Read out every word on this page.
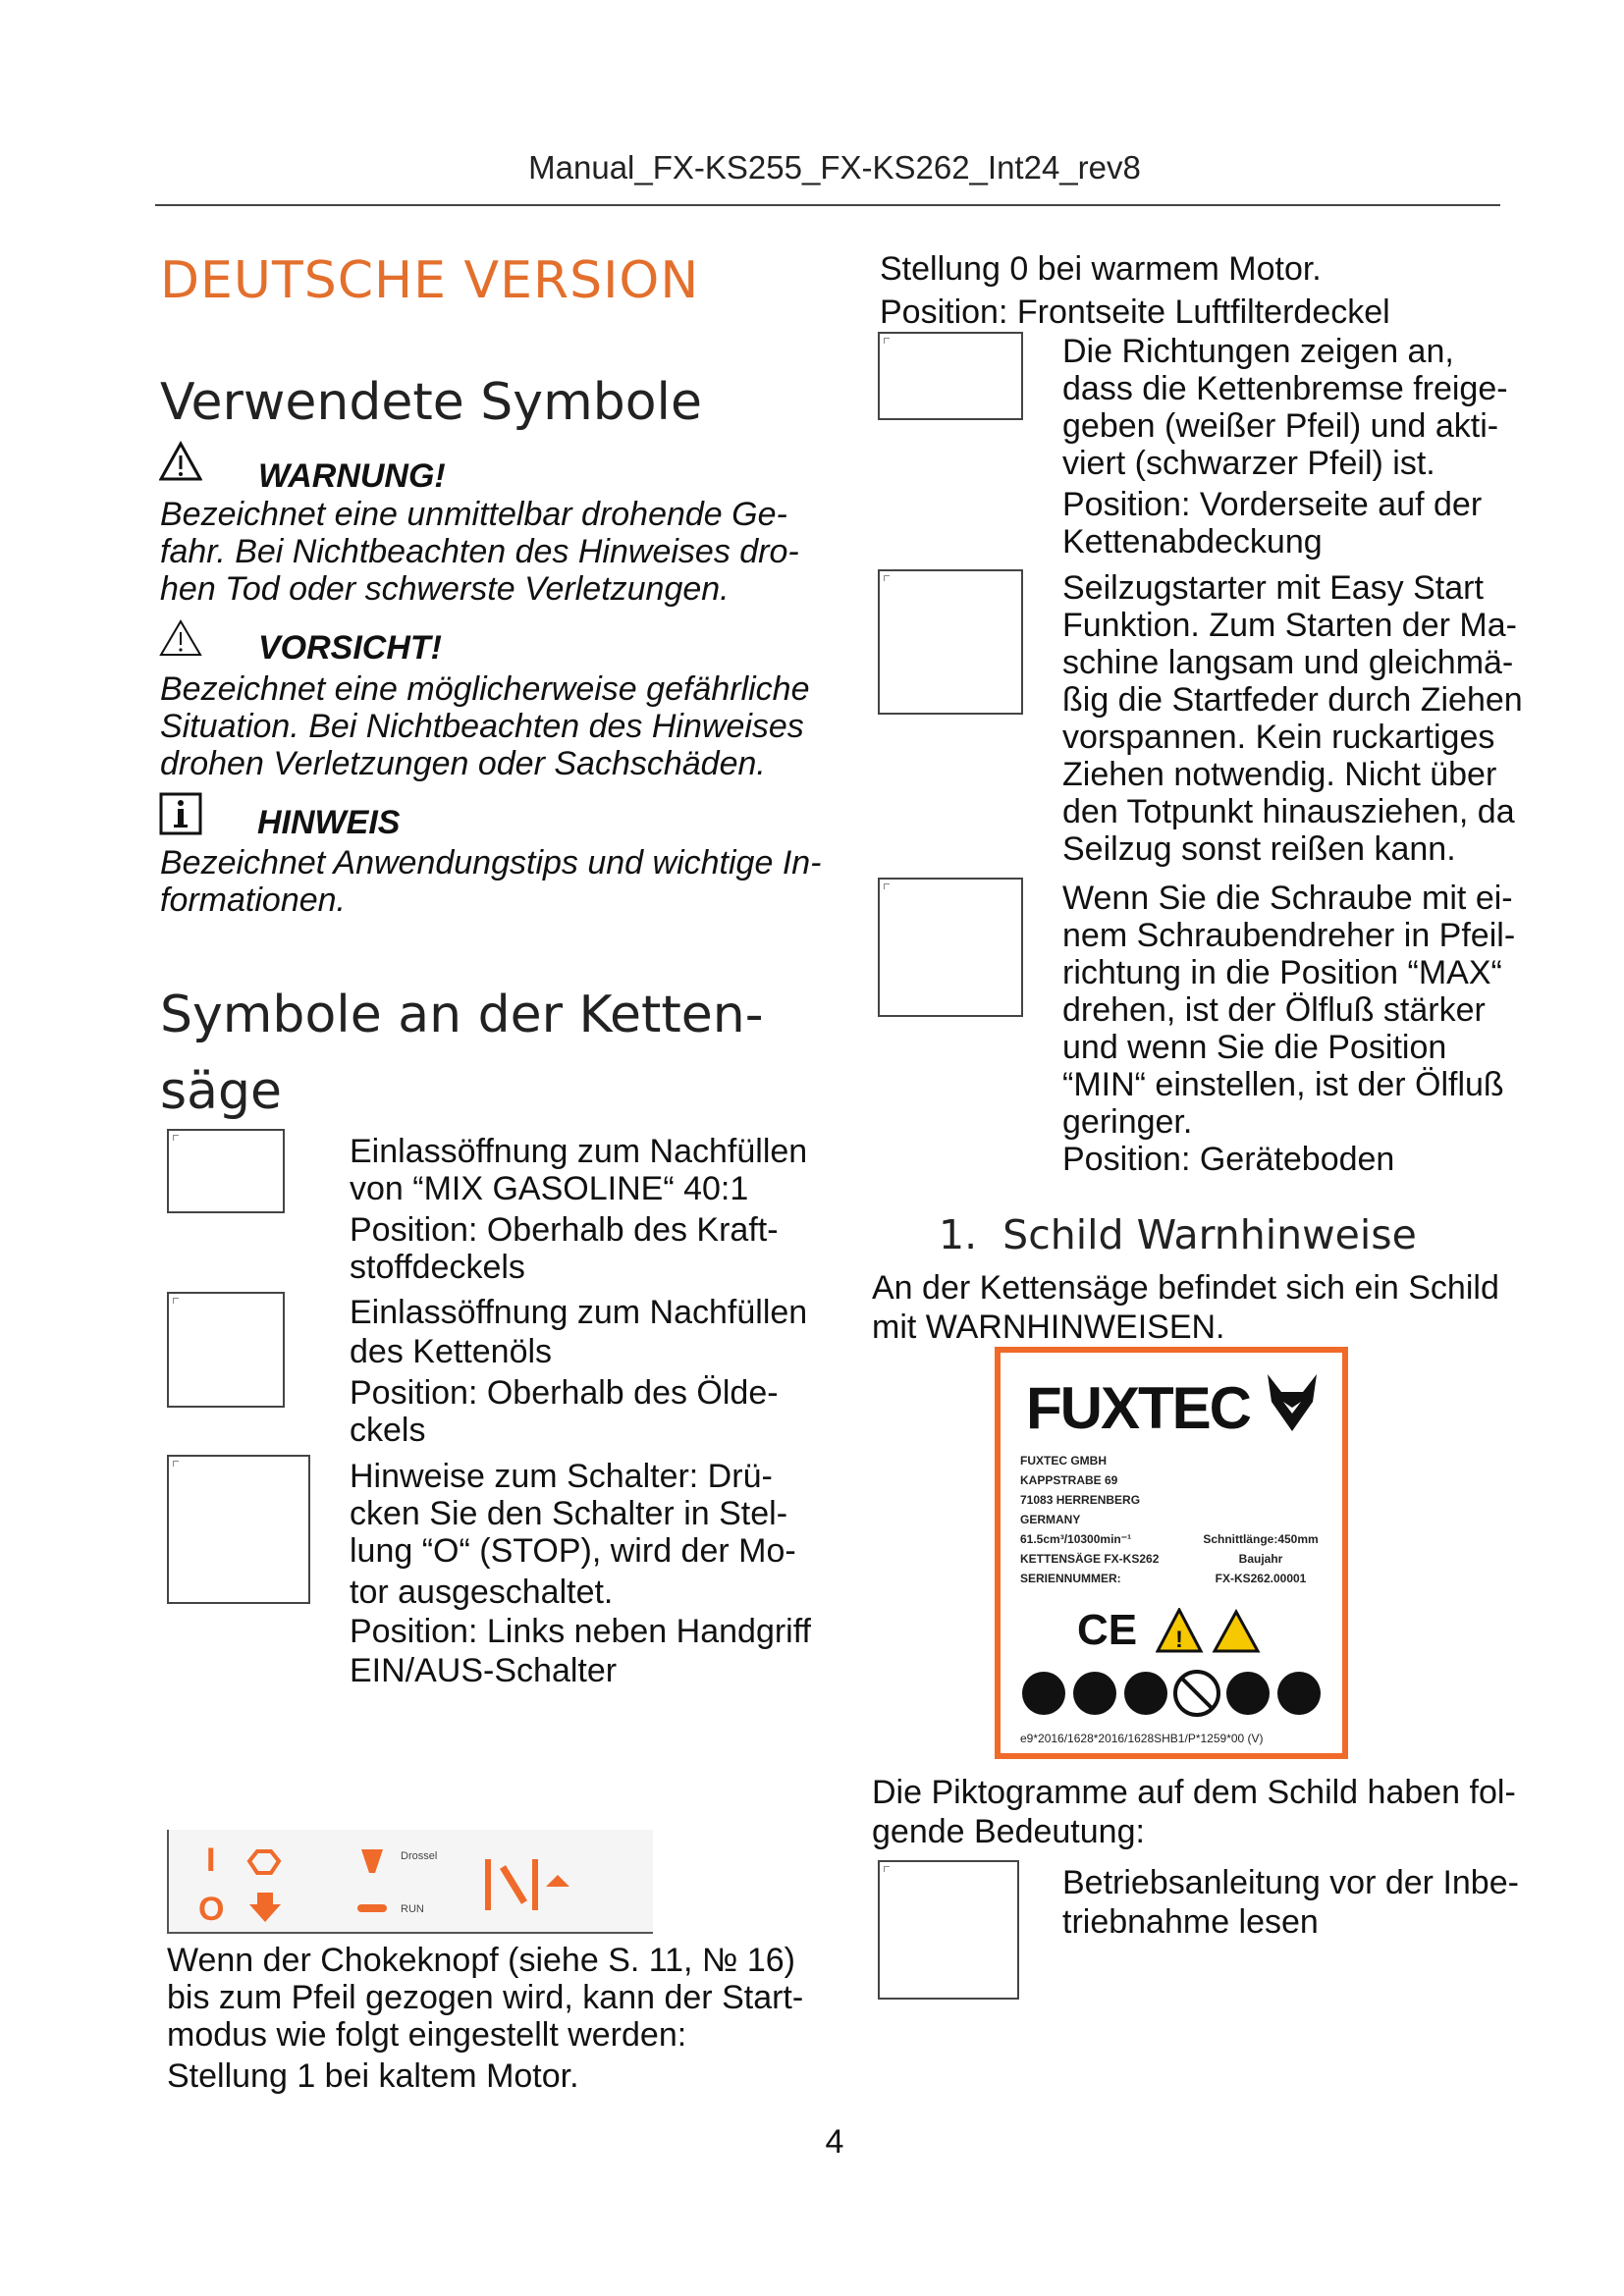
Manual_FX-KS255_FX-KS262_Int24_rev8
DEUTSCHE VERSION
Verwendete Symbole
WARNUNG!
Bezeichnet eine unmittelbar drohende Ge-
fahr. Bei Nichtbeachten des Hinweises dro-
hen Tod oder schwerste Verletzungen.
VORSICHT!
Bezeichnet eine möglicherweise gefährliche
Situation. Bei Nichtbeachten des Hinweises
drohen Verletzungen oder Sachschäden.
HINWEIS
Bezeichnet Anwendungstips und wichtige In-
formationen.
Symbole an der Ketten-
säge
Einlassöffnung zum Nachfüllen
von “MIX GASOLINE“ 40:1
Position: Oberhalb des Kraft-
stoffdeckels
Einlassöffnung zum Nachfüllen
des Kettenöls
Position: Oberhalb des Ölde-
ckels
Hinweise zum Schalter: Drü-
cken Sie den Schalter in Stel-
lung “O“ (STOP), wird der Mo-
tor ausgeschaltet.
Position: Links neben Handgriff
EIN/AUS-Schalter
I
O
Drossel
RUN
Wenn der Chokeknopf (siehe S. 11, № 16)
bis zum Pfeil gezogen wird, kann der Start-
modus wie folgt eingestellt werden:
Stellung 1 bei kaltem Motor.
Stellung 0 bei warmem Motor.
Position: Frontseite Luftfilterdeckel
Die Richtungen zeigen an,
dass die Kettenbremse freige-
geben (weißer Pfeil) und akti-
viert (schwarzer Pfeil) ist.
Position: Vorderseite auf der
Kettenabdeckung
Seilzugstarter mit Easy Start
Funktion. Zum Starten der Ma-
schine langsam und gleichmä-
ßig die Startfeder durch Ziehen
vorspannen. Kein ruckartiges
Ziehen notwendig. Nicht über
den Totpunkt hinausziehen, da
Seilzug sonst reißen kann.
Wenn Sie die Schraube mit ei-
nem Schraubendreher in Pfeil-
richtung in die Position “MAX“
drehen, ist der Ölfluß stärker
und wenn Sie die Position
“MIN“ einstellen, ist der Ölfluß
geringer.
Position: Geräteboden
1.  Schild Warnhinweise
An der Kettensäge befindet sich ein Schild
mit WARNHINWEISEN.
FUXTEC
FUXTEC GMBH
KAPPSTRABE 69
71083 HERRENBERG
GERMANY
61.5cm³/10300min⁻¹
KETTENSÄGE FX-KS262
SERIENNUMMER:
Schnittlänge:450mm
Baujahr
FX-KS262.00001
CE !
e9*2016/1628*2016/1628SHB1/P*1259*00 (V)
Die Piktogramme auf dem Schild haben fol-
gende Bedeutung:
Betriebsanleitung vor der Inbe-
triebnahme lesen
4
